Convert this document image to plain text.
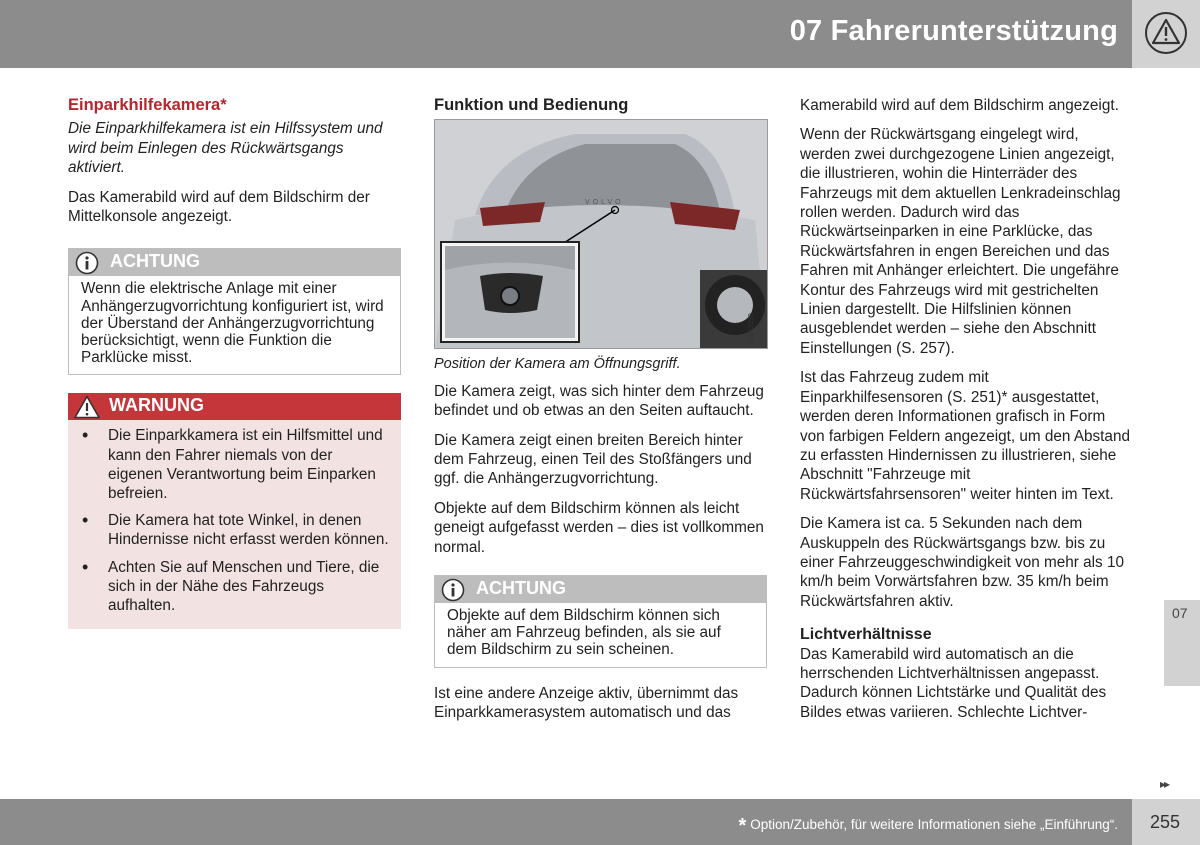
07 Fahrerunterstützung
Einparkhilfekamera*

Die Einparkhilfekamera ist ein Hilfssystem und wird beim Einlegen des Rückwärtsgangs aktiviert.

Das Kamerabild wird auf dem Bildschirm der Mittelkonsole angezeigt.

ACHTUNG
Wenn die elektrische Anlage mit einer Anhängerzugvorrichtung konfiguriert ist, wird der Überstand der Anhängerzugvorrichtung berücksichtigt, wenn die Funktion die Parklücke misst.
WARNUNG
• Die Einparkkamera ist ein Hilfsmittel und kann den Fahrer niemals von der eigenen Verantwortung beim Einparken befreien.
• Die Kamera hat tote Winkel, in denen Hindernisse nicht erfasst werden können.
• Achten Sie auf Menschen und Tiere, die sich in der Nähe des Fahrzeugs aufhalten.
Funktion und Bedienung
VOLVO
G043990

Position der Kamera am Öffnungsgriff.

Die Kamera zeigt, was sich hinter dem Fahrzeug befindet und ob etwas an den Seiten auftaucht.

Die Kamera zeigt einen breiten Bereich hinter dem Fahrzeug, einen Teil des Stoßfängers und ggf. die Anhängerzugvorrichtung.

Objekte auf dem Bildschirm können als leicht geneigt aufgefasst werden – dies ist vollkommen normal.

ACHTUNG
Objekte auf dem Bildschirm können sich näher am Fahrzeug befinden, als sie auf dem Bildschirm zu sein scheinen.

Ist eine andere Anzeige aktiv, übernimmt das Einparkkamerasystem automatisch und das

Kamerabild wird auf dem Bildschirm angezeigt.

Wenn der Rückwärtsgang eingelegt wird, werden zwei durchgezogene Linien angezeigt, die illustrieren, wohin die Hinterräder des Fahrzeugs mit dem aktuellen Lenkradeinschlag rollen werden. Dadurch wird das Rückwärtseinparken in eine Parklücke, das Rückwärtsfahren in engen Bereichen und das Fahren mit Anhänger erleichtert. Die ungefähre Kontur des Fahrzeugs wird mit gestrichelten Linien dargestellt. Die Hilfslinien können ausgeblendet werden – siehe den Abschnitt Einstellungen (S. 257).

Ist das Fahrzeug zudem mit Einparkhilfesensoren (S. 251)* ausgestattet, werden deren Informationen grafisch in Form von farbigen Feldern angezeigt, um den Abstand zu erfassten Hindernissen zu illustrieren, siehe Abschnitt "Fahrzeuge mit Rückwärtsfahrsensoren" weiter hinten im Text.

Die Kamera ist ca. 5 Sekunden nach dem Auskuppeln des Rückwärtsgangs bzw. bis zu einer Fahrzeuggeschwindigkeit von mehr als 10 km/h beim Vorwärtsfahren bzw. 35 km/h beim Rückwärtsfahren aktiv.

Lichtverhältnisse

Das Kamerabild wird automatisch an die herrschenden Lichtverhältnissen angepasst. Dadurch können Lichtstärke und Qualität des Bildes etwas variieren. Schlechte Lichtver-

07
▸▸
* Option/Zubehör, für weitere Informationen siehe „Einführung“. 255
